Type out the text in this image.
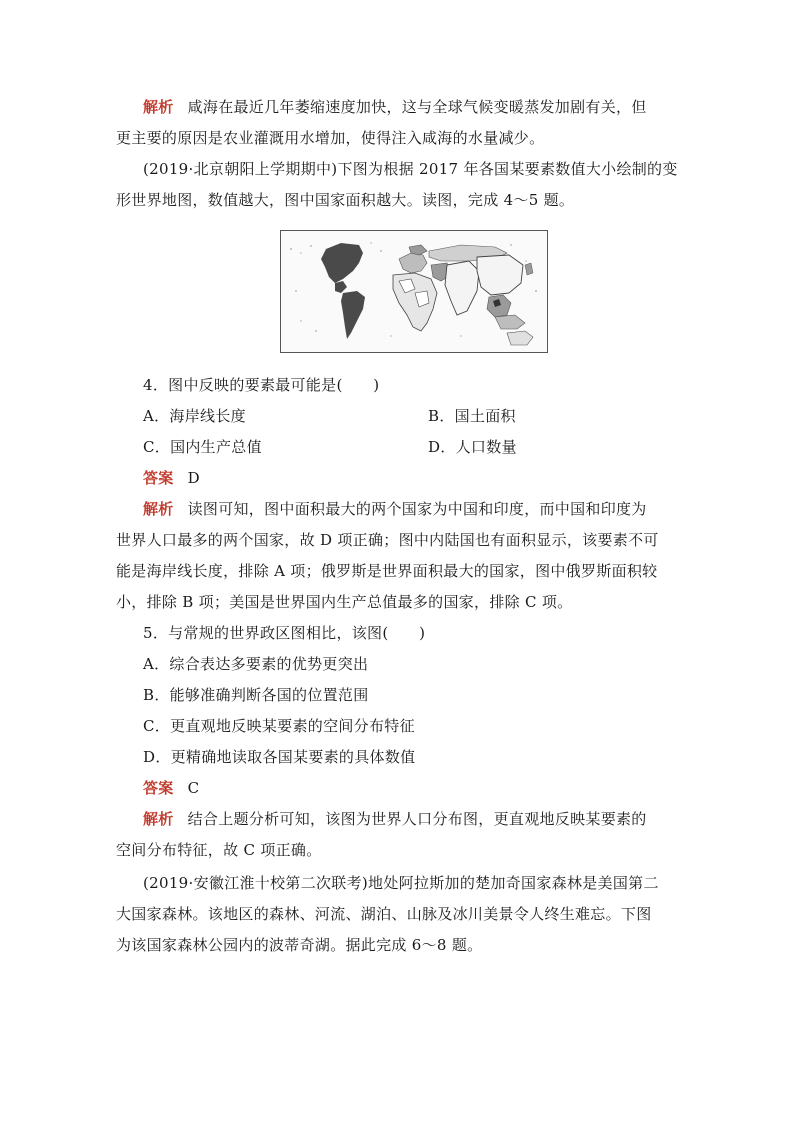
解析 咸海在最近几年萎缩速度加快，这与全球气候变暖蒸发加剧有关，但
更主要的原因是农业灌溉用水增加，使得注入咸海的水量减少。
(2019·北京朝阳上学期期中)下图为根据 2017 年各国某要素数值大小绘制的变
形世界地图，数值越大，图中国家面积越大。读图，完成 4～5 题。
4．图中反映的要素最可能是(　　)
A．海岸线长度	B．国土面积
C．国内生产总值	D．人口数量
答案 D
解析 读图可知，图中面积最大的两个国家为中国和印度，而中国和印度为
世界人口最多的两个国家，故 D 项正确；图中内陆国也有面积显示，该要素不可
能是海岸线长度，排除 A 项；俄罗斯是世界面积最大的国家，图中俄罗斯面积较
小，排除 B 项；美国是世界国内生产总值最多的国家，排除 C 项。
5．与常规的世界政区图相比，该图(　　)
A．综合表达多要素的优势更突出
B．能够准确判断各国的位置范围
C．更直观地反映某要素的空间分布特征
D．更精确地读取各国某要素的具体数值
答案 C
解析 结合上题分析可知，该图为世界人口分布图，更直观地反映某要素的
空间分布特征，故 C 项正确。
(2019·安徽江淮十校第二次联考)地处阿拉斯加的楚加奇国家森林是美国第二
大国家森林。该地区的森林、河流、湖泊、山脉及冰川美景令人终生难忘。下图
为该国家森林公园内的波蒂奇湖。据此完成 6～8 题。
